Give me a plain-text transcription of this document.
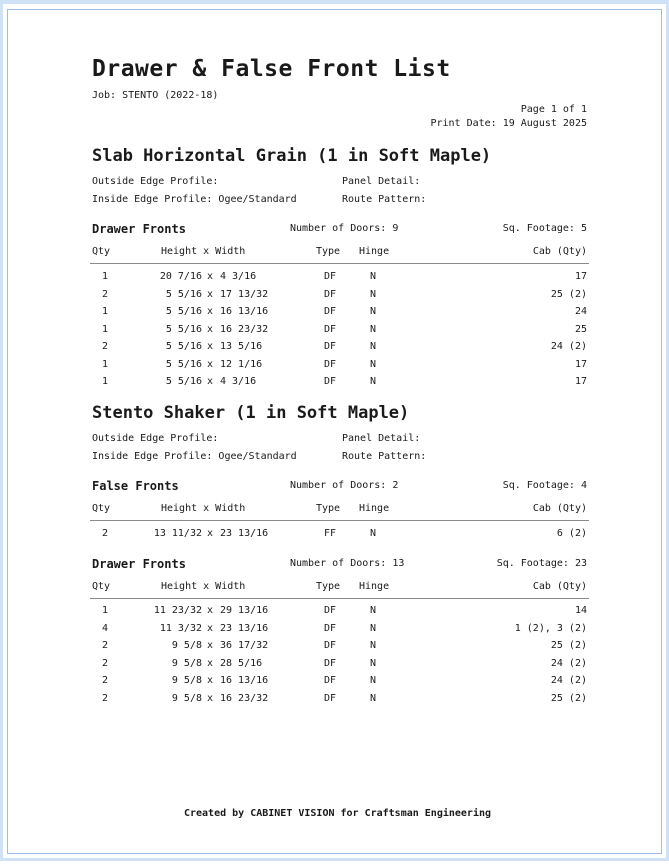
Drawer & False Front List
Job: STENTO (2022-18)
Page 1 of 1
Print Date: 19 August 2025
Slab Horizontal Grain (1 in Soft Maple)
Outside Edge Profile:	Panel Detail:
Inside Edge Profile: Ogee/Standard	Route Pattern:
Drawer Fronts	Number of Doors: 9	Sq. Footage: 5
Qty	Height x Width	Type Hinge	Cab (Qty)
1	20 7/16 x 4 3/16	DF	N	17
2	5 5/16 x 17 13/32	DF	N	25 (2)
1	5 5/16 x 16 13/16	DF	N	24
1	5 5/16 x 16 23/32	DF	N	25
2	5 5/16 x 13 5/16	DF	N	24 (2)
1	5 5/16 x 12 1/16	DF	N	17
1	5 5/16 x 4 3/16	DF	N	17
Stento Shaker (1 in Soft Maple)
Outside Edge Profile:	Panel Detail:
Inside Edge Profile: Ogee/Standard	Route Pattern:
False Fronts	Number of Doors: 2	Sq. Footage: 4
Qty	Height x Width	Type Hinge	Cab (Qty)
2	13 11/32 x 23 13/16	FF	N	6 (2)
Drawer Fronts	Number of Doors: 13	Sq. Footage: 23
Qty	Height x Width	Type Hinge	Cab (Qty)
1	11 23/32 x 29 13/16	DF	N	14
4	11 3/32 x 23 13/16	DF	N	1 (2), 3 (2)
2	9 5/8 x 36 17/32	DF	N	25 (2)
2	9 5/8 x 28 5/16	DF	N	24 (2)
2	9 5/8 x 16 13/16	DF	N	24 (2)
2	9 5/8 x 16 23/32	DF	N	25 (2)
Created by CABINET VISION for Craftsman Engineering
